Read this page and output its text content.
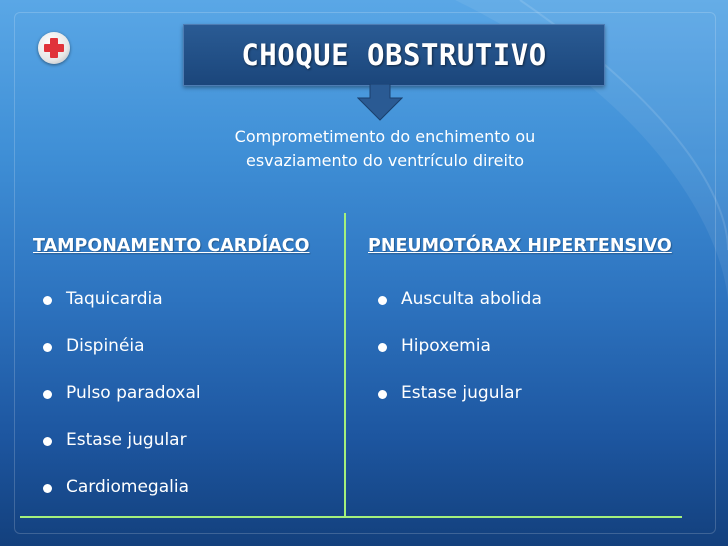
CHOQUE OBSTRUTIVO
Comprometimento do enchimento ou
esvaziamento do ventrículo direito
TAMPONAMENTO CARDÍACO	PNEUMOTÓRAX HIPERTENSIVO
Taquicardia
Dispinéia
Pulso paradoxal
Estase jugular
Cardiomegalia
Ausculta abolida
Hipoxemia
Estase jugular
